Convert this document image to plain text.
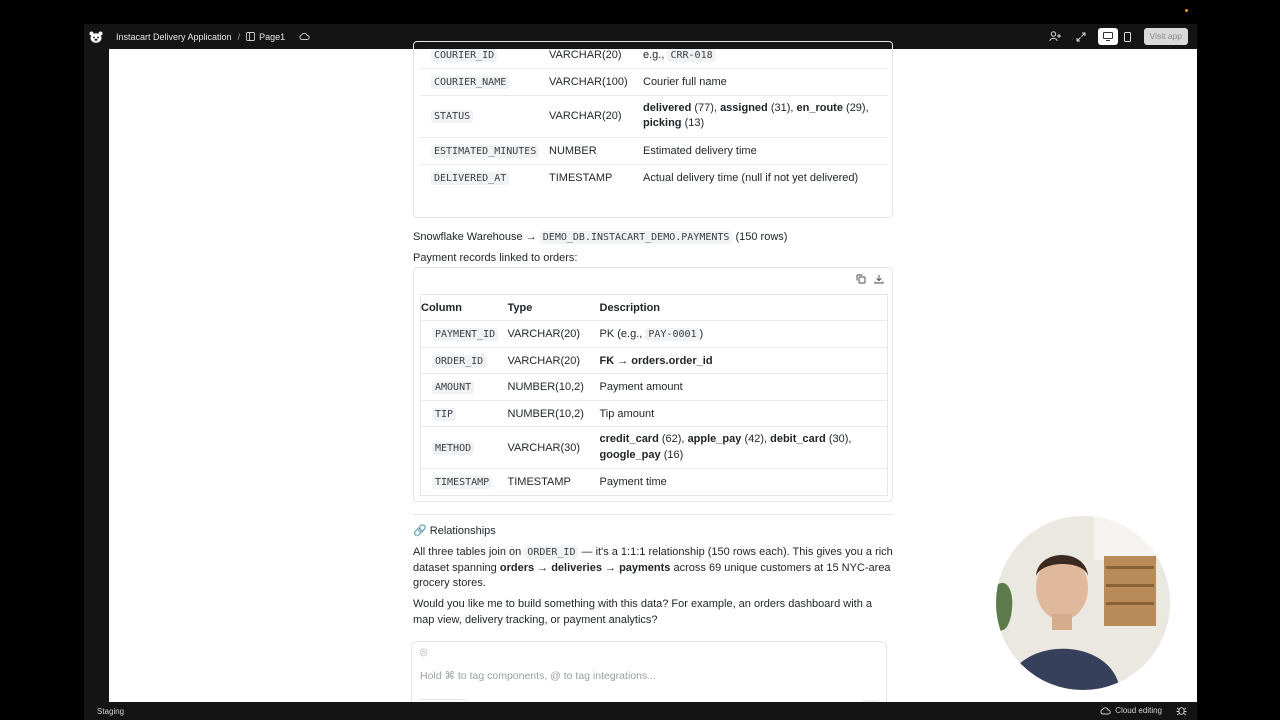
Instacart Delivery Application / Page1	Visit app
COURIER_ID	VARCHAR(20)	e.g., CRR-018
COURIER_NAME	VARCHAR(100)	Courier full name
STATUS	VARCHAR(20)	delivered (77), assigned (31), en_route (29),
picking (13)
ESTIMATED_MINUTES	NUMBER	Estimated delivery time
DELIVERED_AT	TIMESTAMP	Actual delivery time (null if not yet delivered)
Snowflake Warehouse → DEMO_DB.INSTACART_DEMO.PAYMENTS (150 rows)
Payment records linked to orders:
Column	Type	Description
PAYMENT_ID	VARCHAR(20)	PK (e.g., PAY-0001 )
ORDER_ID	VARCHAR(20)	FK → orders.order_id
AMOUNT	NUMBER(10,2)	Payment amount
TIP	NUMBER(10,2)	Tip amount
METHOD	VARCHAR(30)	credit_card (62), apple_pay (42), debit_card (30),
google_pay (16)
TIMESTAMP	TIMESTAMP	Payment time
🔗 Relationships
All three tables join on ORDER_ID — it's a 1:1:1 relationship (150 rows each). This gives you a rich dataset spanning orders → deliveries → payments across 69 unique customers at 15 NYC-area grocery stores.
Would you like me to build something with this data? For example, an orders dashboard with a map view, delivery tracking, or payment analytics?
Hold ⌘ to tag components, @ to tag integrations...
Staging	Cloud editing
